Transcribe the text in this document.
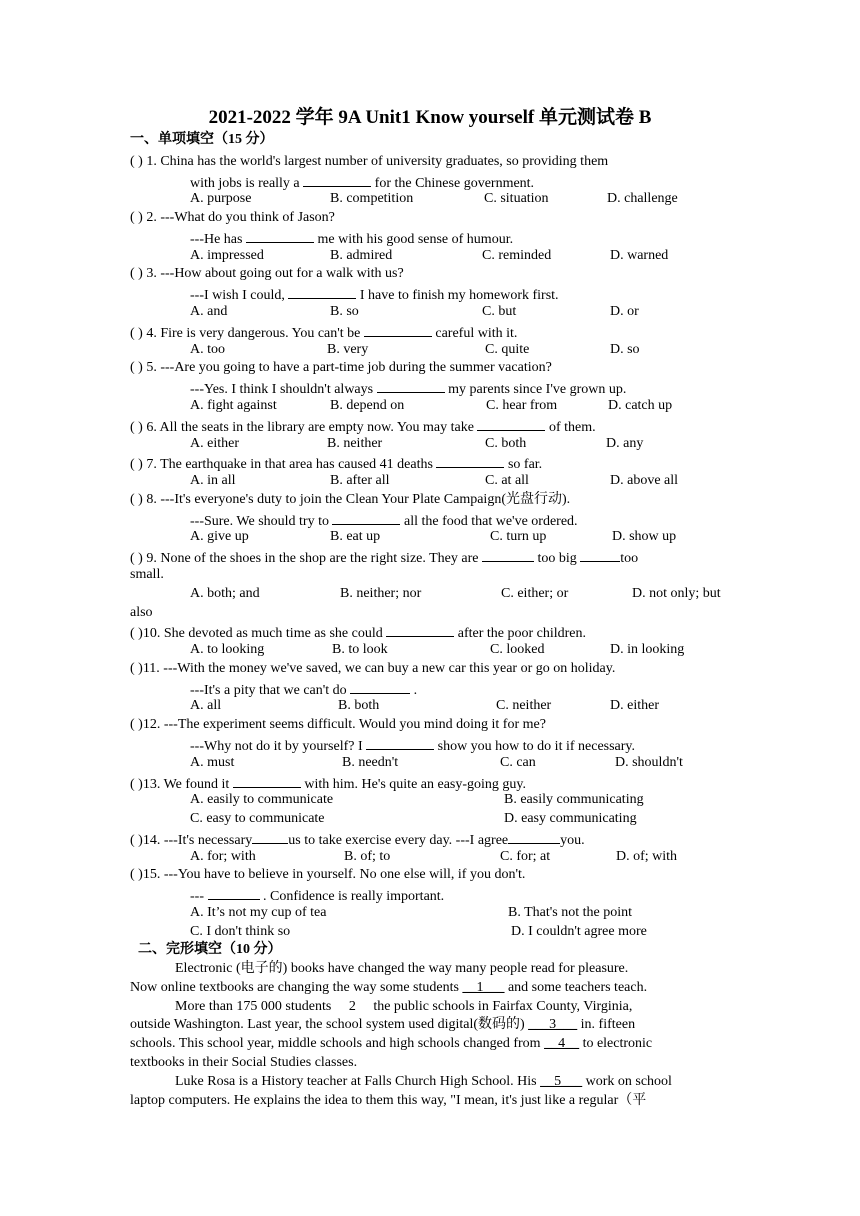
2021-2022 学年 9A Unit1 Know yourself 单元测试卷 B
一、单项填空（15 分）
( ) 1. China has the world's largest number of university graduates, so providing them
with jobs is really a	for the Chinese government.
A. purpose	B. competition	C. situation	D. challenge
( ) 2. ---What do you think of Jason?
---He has	me with his good sense of humour.
A. impressed	B. admired	C. reminded	D. warned
( ) 3. ---How about going out for a walk with us?
---I wish I could,	I have to finish my homework first.
A. and	B. so	C. but	D. or
( ) 4. Fire is very dangerous. You can't be	careful with it.
A. too	B. very	C. quite	D. so
( ) 5. ---Are you going to have a part-time job during the summer vacation?
---Yes. I think I shouldn't always	my parents since I've grown up.
A. fight against	B. depend on	C. hear from	D. catch up
( ) 6. All the seats in the library are empty now. You may take	of them.
A. either	B. neither	C. both	D. any
( ) 7. The earthquake in that area has caused 41 deaths	so far.
A. in all	B. after all	C. at all	D. above all
( ) 8. ---It's everyone's duty to join the Clean Your Plate Campaign(光盘行动).
---Sure. We should try to	all the food that we've ordered.
A. give up	B. eat up	C. turn up	D. show up
( ) 9. None of the shoes in the shop are the right size. They are	too big	too
small.
A. both; and	B. neither; nor	C. either; or	D. not only; but
also
( )10. She devoted as much time as she could	after the poor children.
A. to looking	B. to look	C. looked	D. in looking
( )11. ---With the money we've saved, we can buy a new car this year or go on holiday.
---It's a pity that we can't do	.
A. all	B. both	C. neither	D. either
( )12. ---The experiment seems difficult. Would you mind doing it for me?
---Why not do it by yourself? I	show you how to do it if necessary.
A. must	B. needn't	C. can	D. shouldn't
( )13. We found it	with him. He's quite an easy-going guy.
A. easily to communicate	B. easily communicating
C. easy to communicate	D. easy communicating
( )14. ---It's necessary	us to take exercise every day. ---I agree	you.
A. for; with	B. of; to	C. for; at	D. of; with
( )15. ---You have to believe in yourself. No one else will, if you don't.
---	. Confidence is really important.
A. It’s not my cup of tea	B. That's not the point
C. I don't think so	D. I couldn't agree more
二、完形填空（10 分）
Electronic (电子的) books have changed the way many people read for pleasure.
Now online textbooks are changing the way some students __1___ and some teachers teach.
More than 175 000 students 2 the public schools in Fairfax County, Virginia,
outside Washington. Last year, the school system used digital(数码的) ___3___ in. fifteen
schools. This school year, middle schools and high schools changed from __4__ to electronic
textbooks in their Social Studies classes.
Luke Rosa is a History teacher at Falls Church High School. His __5___ work on school
laptop computers. He explains the idea to them this way, "I mean, it's just like a regular（平
